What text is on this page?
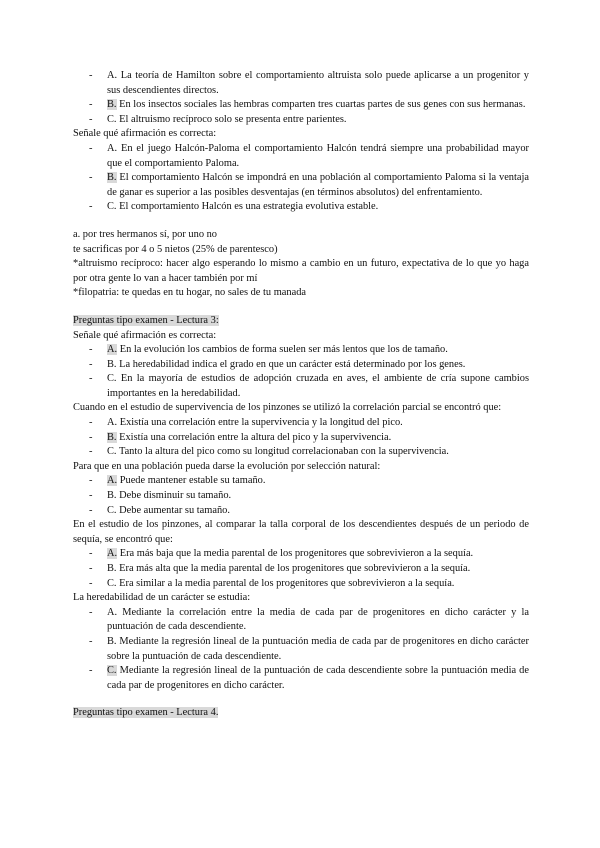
- A. La teoría de Hamilton sobre el comportamiento altruista solo puede aplicarse a un progenitor y sus descendientes directos.
- B. En los insectos sociales las hembras comparten tres cuartas partes de sus genes con sus hermanas.
- C. El altruismo recíproco solo se presenta entre parientes.
Señale qué afirmación es correcta:
- A. En el juego Halcón-Paloma el comportamiento Halcón tendrá siempre una probabilidad mayor que el comportamiento Paloma.
- B. El comportamiento Halcón se impondrá en una población al comportamiento Paloma si la ventaja de ganar es superior a las posibles desventajas (en términos absolutos) del enfrentamiento.
- C. El comportamiento Halcón es una estrategia evolutiva estable.
a. por tres hermanos sí, por uno no
te sacrificas por 4 o 5 nietos (25% de parentesco)
*altruismo recíproco: hacer algo esperando lo mismo a cambio en un futuro, expectativa de lo que yo haga por otra gente lo van a hacer también por mí
*filopatria: te quedas en tu hogar, no sales de tu manada
Preguntas tipo examen - Lectura 3:
Señale qué afirmación es correcta:
- A. En la evolución los cambios de forma suelen ser más lentos que los de tamaño.
- B. La heredabilidad indica el grado en que un carácter está determinado por los genes.
- C. En la mayoría de estudios de adopción cruzada en aves, el ambiente de cría supone cambios importantes en la heredabilidad.
Cuando en el estudio de supervivencia de los pinzones se utilizó la correlación parcial se encontró que:
- A. Existía una correlación entre la supervivencia y la longitud del pico.
- B. Existía una correlación entre la altura del pico y la supervivencia.
- C. Tanto la altura del pico como su longitud correlacionaban con la supervivencia.
Para que en una población pueda darse la evolución por selección natural:
- A. Puede mantener estable su tamaño.
- B. Debe disminuir su tamaño.
- C. Debe aumentar su tamaño.
En el estudio de los pinzones, al comparar la talla corporal de los descendientes después de un periodo de sequía, se encontró que:
- A. Era más baja que la media parental de los progenitores que sobrevivieron a la sequía.
- B. Era más alta que la media parental de los progenitores que sobrevivieron a la sequía.
- C. Era similar a la media parental de los progenitores que sobrevivieron a la sequía.
La heredabilidad de un carácter se estudia:
- A. Mediante la correlación entre la media de cada par de progenitores en dicho carácter y la puntuación de cada descendiente.
- B. Mediante la regresión lineal de la puntuación media de cada par de progenitores en dicho carácter sobre la puntuación de cada descendiente.
- C. Mediante la regresión lineal de la puntuación de cada descendiente sobre la puntuación media de cada par de progenitores en dicho carácter.
Preguntas tipo examen - Lectura 4.
